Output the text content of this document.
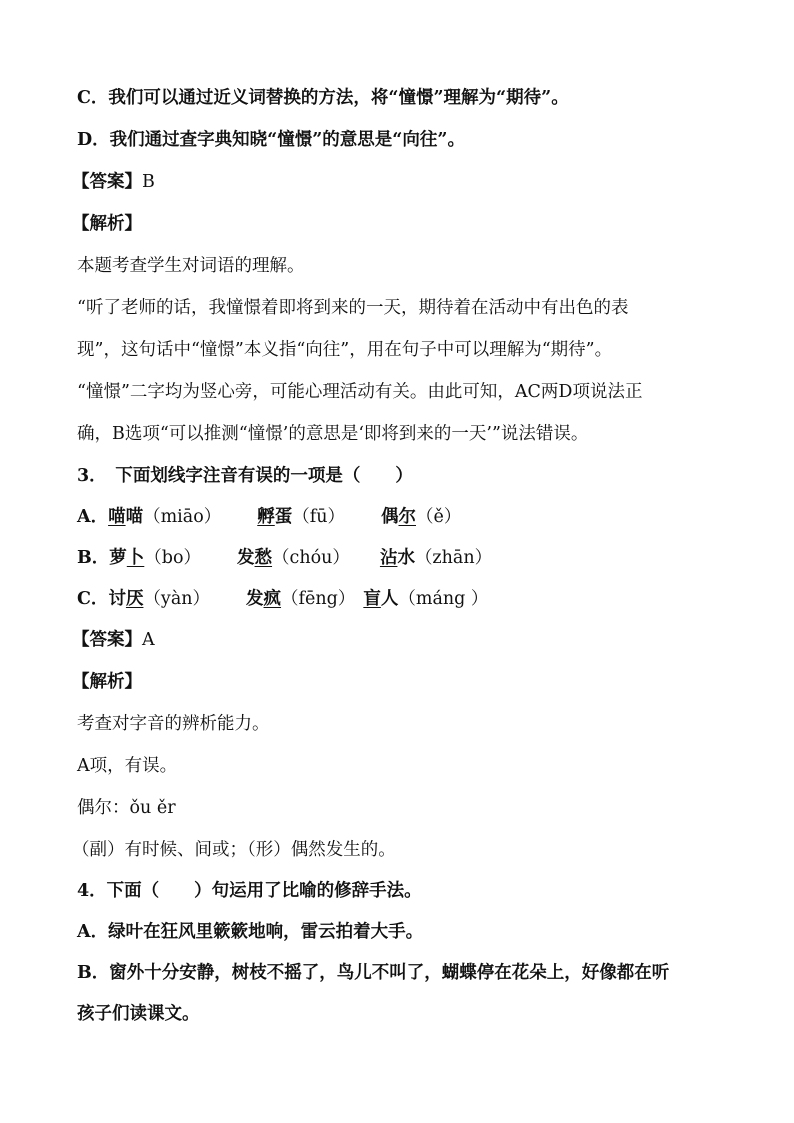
C．我们可以通过近义词替换的方法，将“憧憬”理解为“期待”。
D．我们通过查字典知晓“憧憬”的意思是“向往”。
【答案】B
【解析】
本题考查学生对词语的理解。
“听了老师的话，我憧憬着即将到来的一天，期待着在活动中有出色的表
现”，这句话中“憧憬”本义指“向往”，用在句子中可以理解为“期待”。
“憧憬”二字均为竖心旁，可能心理活动有关。由此可知，AC两D项说法正
确，B选项“可以推测“憧憬’的意思是‘即将到来的一天’”说法错误。
3．　下面划线字注音有误的一项是（　　）
A．喵喵（miāo） 孵蛋（fū） 偶尔（ě）
B．萝卜（bo） 发愁（chóu） 沾水（zhān）
C．讨厌（yàn） 发疯（fēng） 盲人（máng ）
【答案】A
【解析】
考查对字音的辨析能力。
A项，有误。
偶尔：ǒu ěr
（副）有时候、间或；（形）偶然发生的。
4．下面（　　）句运用了比喻的修辞手法。
A．绿叶在狂风里簌簌地响，雷云拍着大手。
B．窗外十分安静，树枝不摇了，鸟儿不叫了，蝴蝶停在花朵上，好像都在听
孩子们读课文。
